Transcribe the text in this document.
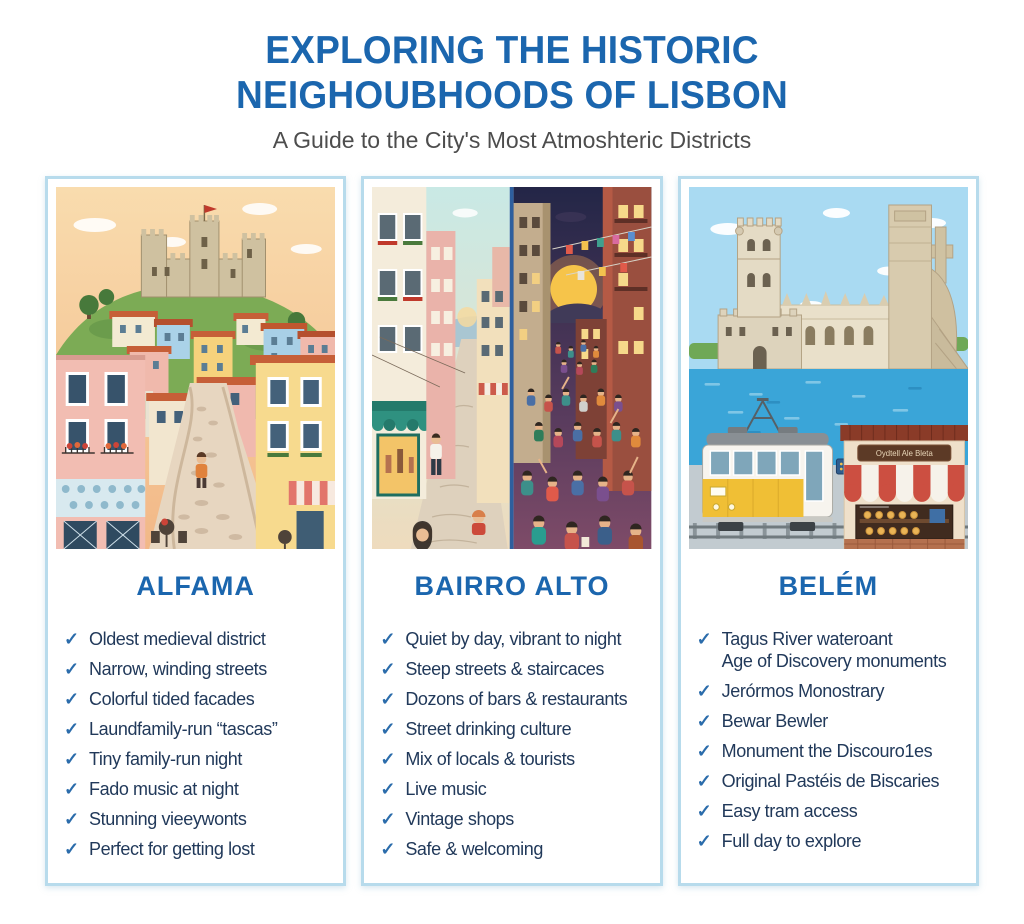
EXPLORING THE HISTORIC
NEIGHOUBHOODS OF LISBON
A Guide to the City's Most Atmoshteric Districts
ALFAMA
✓ Oldest medieval district
✓ Narrow, winding streets
✓ Colorful tided facades
✓ Laundfamily-run “tascas”
✓ Tiny family-run night
✓ Fado music at night
✓ Stunning vieeywonts
✓ Perfect for getting lost
BAIRRO ALTO
✓ Quiet by day, vibrant to night
✓ Steep streets & staircaces
✓ Dozons of bars & restaurants
✓ Street drinking culture
✓ Mix of locals & tourists
✓ Live music
✓ Vintage shops
✓ Safe & welcoming
Oydtell Ale Bleta
BELÉM
✓ Tagus River wateroant
Age of Discovery monuments
✓ Jerórmos Monostrary
✓ Bewar Bewler
✓ Monument the Discouro1es
✓ Original Pastéis de Biscaries
✓ Easy tram access
✓ Full day to explore
